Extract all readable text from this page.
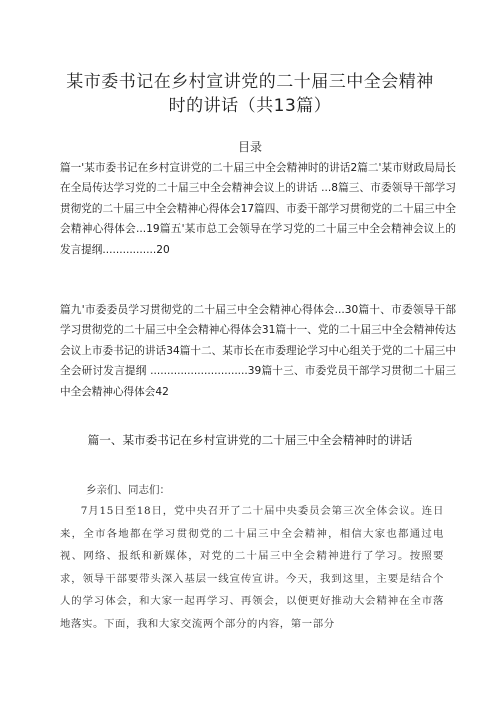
某市委书记在乡村宣讲党的二十届三中全会精神时的讲话（共13篇）
目录
篇一'某市委书记在乡村宣讲党的二十届三中全会精神时的讲话2篇二'某市财政局局长在全局传达学习党的二十届三中全会精神会议上的讲话 ...8篇三、市委领导干部学习贯彻党的二十届三中全会精神心得体会17篇四、市委干部学习贯彻党的二十届三中全会精神心得体会...19篇五'某市总工会领导在学习党的二十届三中全会精神会议上的发言提纲................20
篇九'市委委员学习贯彻党的二十届三中全会精神心得体会...30篇十、市委领导干部学习贯彻党的二十届三中全会精神心得体会31篇十一、党的二十届三中全会精神传达会议上市委书记的讲话34篇十二、某市长在市委理论学习中心组关于党的二十届三中全会研讨发言提纲 .............................39篇十三、市委党员干部学习贯彻二十届三中全会精神心得体会42
篇一、某市委书记在乡村宣讲党的二十届三中全会精神时的讲话
乡亲们、同志们：
7月15日至18日，党中央召开了二十届中央委员会第三次全体会议。连日来，全市各地都在学习贯彻党的二十届三中全会精神，相信大家也都通过电视、网络、报纸和新媒体，对党的二十届三中全会精神进行了学习。按照要求，领导干部要带头深入基层一线宣传宣讲。今天，我到这里，主要是结合个人的学习体会，和大家一起再学习、再领会，以便更好推动大会精神在全市落地落实。下面，我和大家交流两个部分的内容，第一部分
